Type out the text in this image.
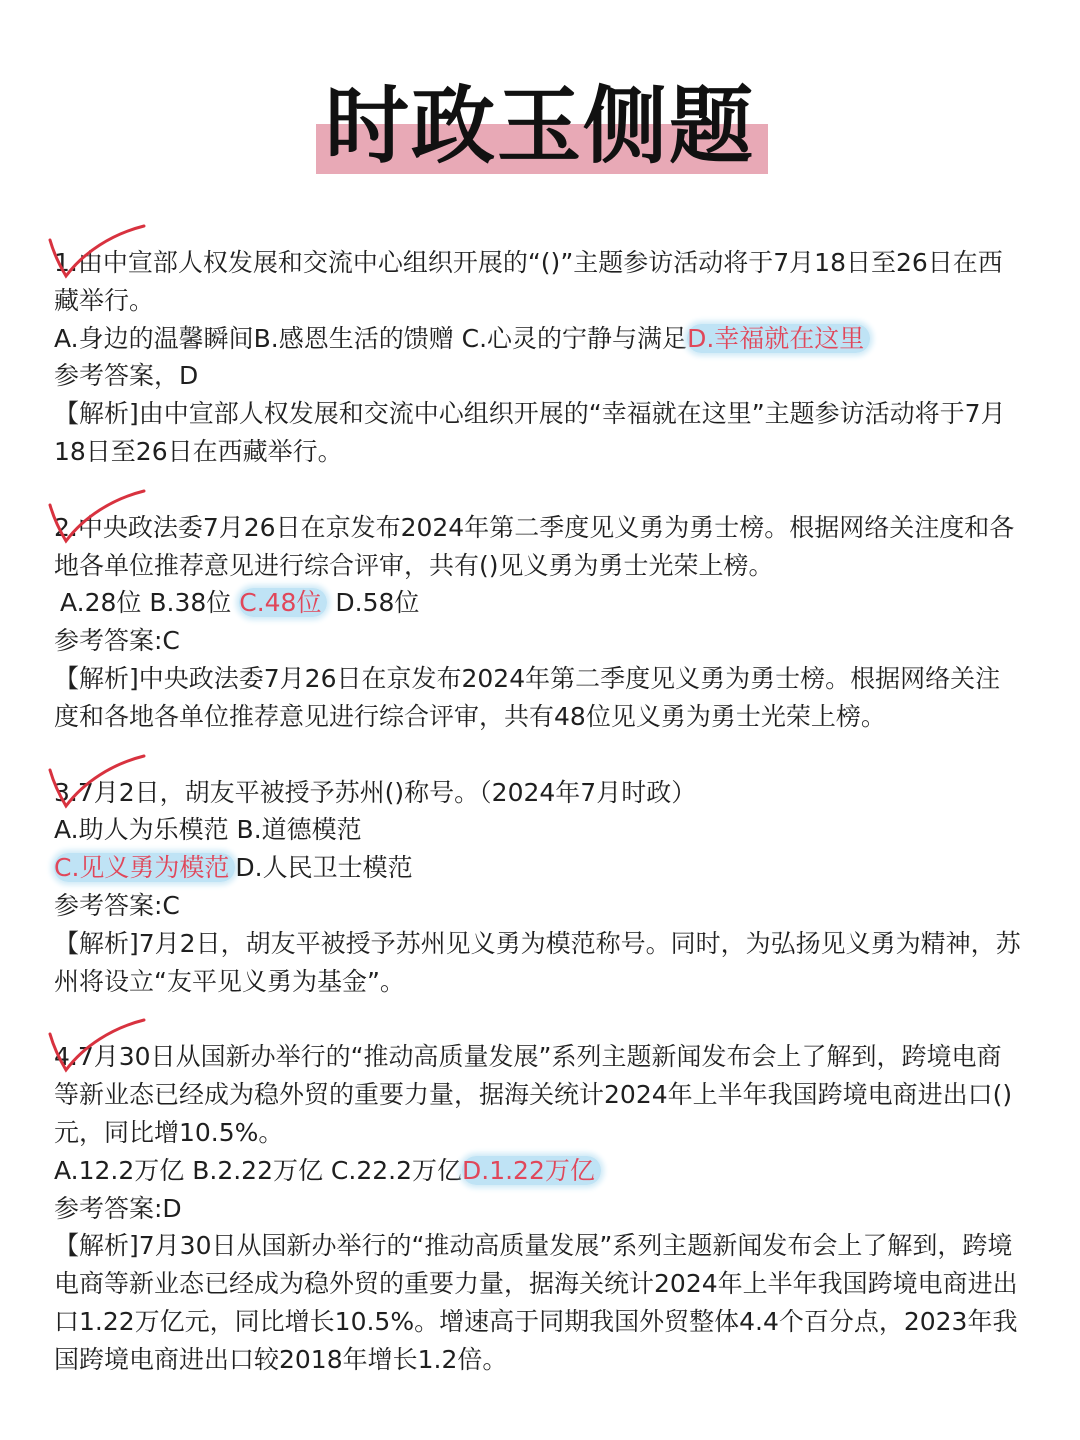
时政玉侧题

1.由中宣部人权发展和交流中心组织开展的“()”主题参访活动将于7月18日至26日在西藏举行。

A.身边的温馨瞬间B.感恩生活的馈赠 C.心灵的宁静与满足D.幸福就在这里

参考答案，D

【解析]由中宣部人权发展和交流中心组织开展的“幸福就在这里”主题参访活动将于7月18日至26日在西藏举行。

2.中央政法委7月26日在京发布2024年第二季度见义勇为勇士榜。根据网络关注度和各地各单位推荐意见进行综合评审，共有()见义勇为勇士光荣上榜。

A.28位 B.38位 C.48位 D.58位

参考答案:C

【解析]中央政法委7月26日在京发布2024年第二季度见义勇为勇士榜。根据网络关注度和各地各单位推荐意见进行综合评审，共有48位见义勇为勇士光荣上榜。

3.7月2日，胡友平被授予苏州()称号。（2024年7月时政）

A.助人为乐模范 B.道德模范

C.见义勇为模范 D.人民卫士模范

参考答案:C

【解析]7月2日，胡友平被授予苏州见义勇为模范称号。同时，为弘扬见义勇为精神，苏州将设立“友平见义勇为基金”。

4.7月30日从国新办举行的“推动高质量发展”系列主题新闻发布会上了解到，跨境电商等新业态已经成为稳外贸的重要力量，据海关统计2024年上半年我国跨境电商进出口()元，同比增10.5%。

A.12.2万亿 B.2.22万亿 C.22.2万亿D.1.22万亿

参考答案:D

【解析]7月30日从国新办举行的“推动高质量发展”系列主题新闻发布会上了解到，跨境电商等新业态已经成为稳外贸的重要力量，据海关统计2024年上半年我国跨境电商进出口1.22万亿元，同比增长10.5%。增速高于同期我国外贸整体4.4个百分点，2023年我国跨境电商进出口较2018年增长1.2倍。
